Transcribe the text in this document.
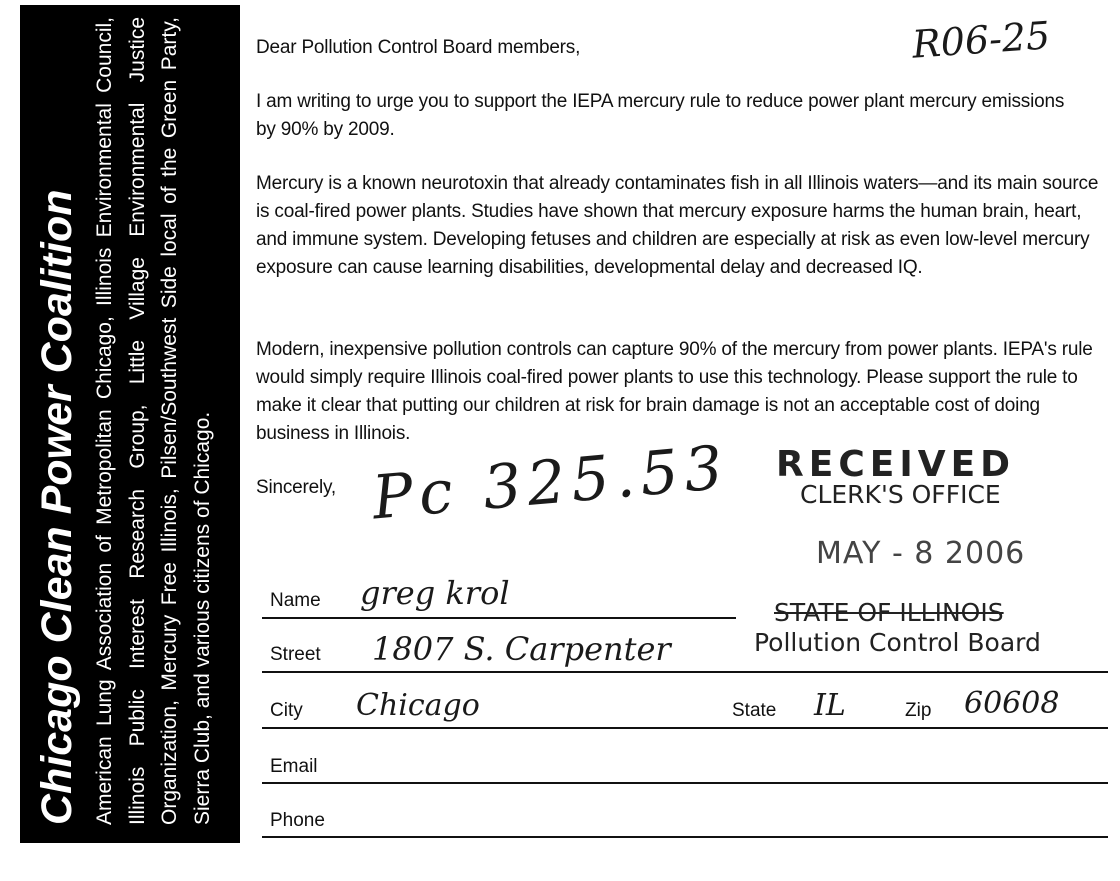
Chicago Clean Power Coalition American Lung Association of Metropolitan Chicago, Illinois Environmental Council, Illinois Public Interest Research Group, Little Village Environmental Justice Organization, Mercury Free Illinois, Pilsen/Southwest Side local of the Green Party, Sierra Club, and various citizens of Chicago.
Dear Pollution Control Board members,
I am writing to urge you to support the IEPA mercury rule to reduce power plant mercury emissions by 90% by 2009.
Mercury is a known neurotoxin that already contaminates fish in all Illinois waters—and its main source is coal-fired power plants. Studies have shown that mercury exposure harms the human brain, heart, and immune system. Developing fetuses and children are especially at risk as even low-level mercury exposure can cause learning disabilities, developmental delay and decreased IQ.
Modern, inexpensive pollution controls can capture 90% of the mercury from power plants. IEPA's rule would simply require Illinois coal-fired power plants to use this technology. Please support the rule to make it clear that putting our children at risk for brain damage is not an acceptable cost of doing business in Illinois.
Sincerely,
R06-25
Pc 325.53 RECEIVED
CLERK'S OFFICE
MAY - 8 2006
STATE OF ILLINOIS
Pollution Control Board
Name greg krol
Street 1807 S. Carpenter
City Chicago	State IL	Zip 60608
Email
Phone
